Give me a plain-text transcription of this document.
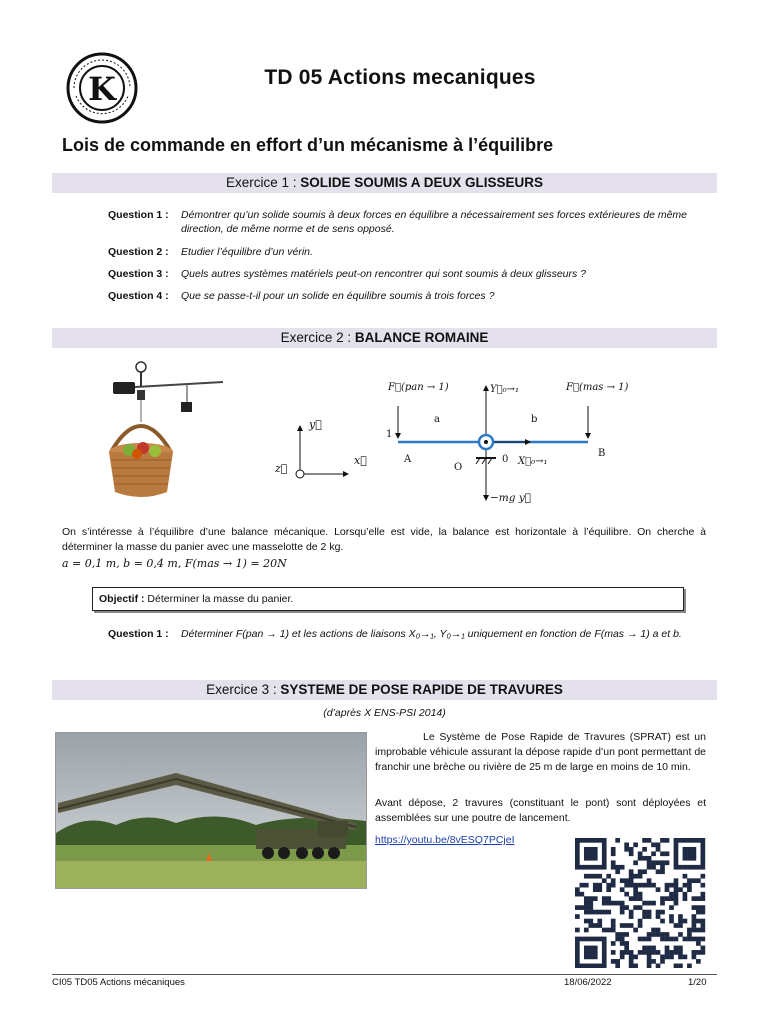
K	TD 05 Actions mecaniques
Lois de commande en effort d’un mécanisme à l’équilibre
Exercice 1 : SOLIDE SOUMIS A DEUX GLISSEURS
Question 1 :	Démontrer qu’un solide soumis à deux forces en équilibre a nécessairement ses forces extérieures de même direction, de même norme et de sens opposé.
Question 2 :	Etudier l’équilibre d’un vérin.
Question 3 :	Quels autres systèmes matériels peut-on rencontrer qui sont soumis à deux glisseurs ?
Question 4 :	Que se passe-t-il pour un solide en équilibre soumis à trois forces ?
Exercice 2 : BALANCE ROMAINE
y⃗
x⃗
z⃗
F⃗(pan → 1)	Y⃗₀→₁	F⃗(mas → 1)
a	b
1
A
O
0 X⃗₀→₁
B
−mg y⃗
On s’intéresse à l’équilibre d’une balance mécanique. Lorsqu’elle est vide, la balance est horizontale à l’équilibre. On cherche à déterminer la masse du panier avec une masselotte de 2 kg.
a = 0,1 m, b = 0,4 m, F(mas → 1) = 20N
Objectif : Déterminer la masse du panier.
Question 1 :	Déterminer F(pan → 1) et les actions de liaisons X₀→₁, Y₀→₁ uniquement en fonction de F(mas → 1) a et b.
Exercice 3 : SYSTEME DE POSE RAPIDE DE TRAVURES
(d’après X ENS-PSI 2014)
Le Système de Pose Rapide de Travures (SPRAT) est un improbable véhicule assurant la dépose rapide d’un pont permettant de franchir une brèche ou rivière de 25 m de large en moins de 10 min.
Avant dépose, 2 travures (constituant le pont) sont déployées et assemblées sur une poutre de lancement.
https://youtu.be/8vESQ7PCjeI
CI05 TD05 Actions mécaniques	18/06/2022	1/20
